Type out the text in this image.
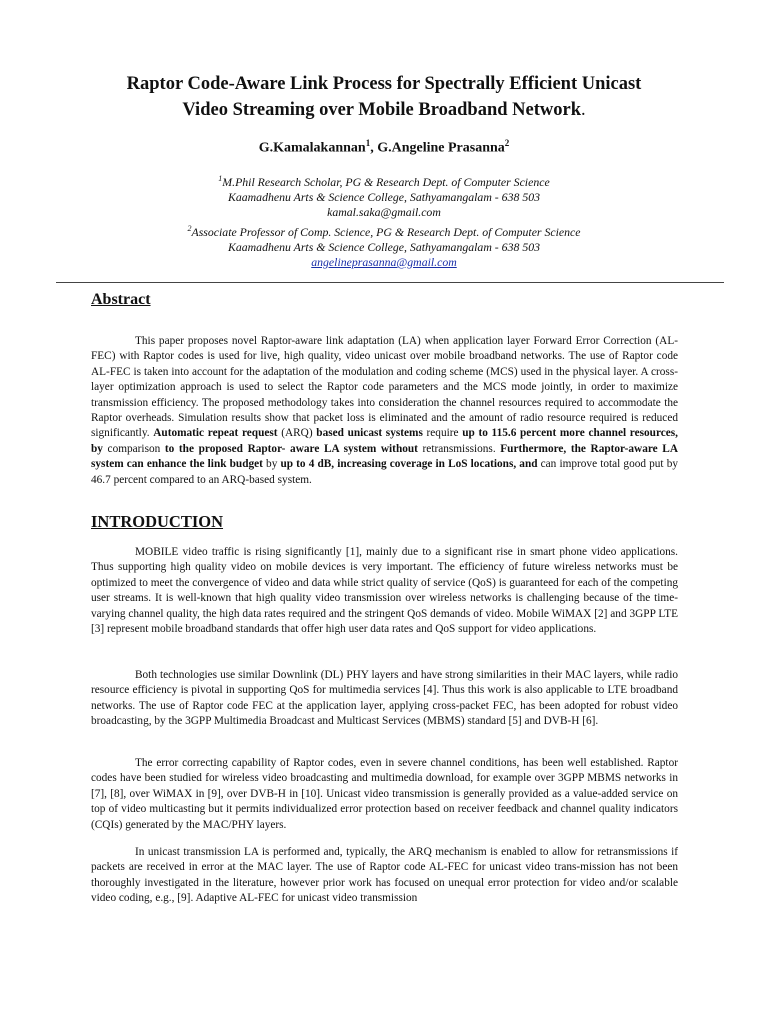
Raptor Code-Aware Link Process for Spectrally Efficient Unicast
Video Streaming over Mobile Broadband Network.
G.Kamalakannan$^1$, G.Angeline Prasanna$^2$
$^1$M.Phil Research Scholar, PG & Research Dept. of Computer Science
Kaamadhenu Arts & Science College, Sathyamangalam - 638 503
kamal.saka@gmail.com
$^2$Associate Professor of Comp. Science, PG & Research Dept. of Computer Science
Kaamadhenu Arts & Science College, Sathyamangalam - 638 503
angelineprasanna@gmail.com
Abstract

This paper proposes novel Raptor-aware link adaptation (LA) when application layer Forward Error Correction (AL-FEC) with Raptor codes is used for live, high quality, video unicast over mobile broadband networks. The use of Raptor code AL-FEC is taken into account for the adaptation of the modulation and coding scheme (MCS) used in the physical layer. A cross-layer optimization approach is used to select the Raptor code parameters and the MCS mode jointly, in order to maximize transmission efficiency. The proposed methodology takes into consideration the channel resources required to accommodate the Raptor overheads. Simulation results show that packet loss is eliminated and the amount of radio resource required is reduced significantly. Automatic repeat request (ARQ) based unicast systems require up to 115.6 percent more channel resources, by comparison to the proposed Raptor- aware LA system without retransmissions. Furthermore, the Raptor-aware LA system can enhance the link budget by up to 4 dB, increasing coverage in LoS locations, and can improve total good put by 46.7 percent compared to an ARQ-based system.

INTRODUCTION

MOBILE video traffic is rising significantly [1], mainly due to a significant rise in smart phone video applications. Thus supporting high quality video on mobile devices is very important. The efficiency of future wireless networks must be optimized to meet the convergence of video and data while strict quality of service (QoS) is guaranteed for each of the competing user streams. It is well-known that high quality video transmission over wireless networks is challenging because of the time-varying channel quality, the high data rates required and the stringent QoS demands of video. Mobile WiMAX [2] and 3GPP LTE [3] represent mobile broadband standards that offer high user data rates and QoS support for video applications.

Both technologies use similar Downlink (DL) PHY layers and have strong similarities in their MAC layers, while radio resource efficiency is pivotal in supporting QoS for multimedia services [4]. Thus this work is also applicable to LTE broadband networks. The use of Raptor code FEC at the application layer, applying cross-packet FEC, has been adopted for robust video broadcasting, by the 3GPP Multimedia Broadcast and Multicast Services (MBMS) standard [5] and DVB-H [6].

The error correcting capability of Raptor codes, even in severe channel conditions, has been well established. Raptor codes have been studied for wireless video broadcasting and multimedia download, for example over 3GPP MBMS networks in [7], [8], over WiMAX in [9], over DVB-H in [10]. Unicast video transmission is generally provided as a value-added service on top of video multicasting but it permits individualized error protection based on receiver feedback and channel quality indicators (CQIs) generated by the MAC/PHY layers.

In unicast transmission LA is performed and, typically, the ARQ mechanism is enabled to allow for retransmissions if packets are received in error at the MAC layer. The use of Raptor code AL-FEC for unicast video trans-mission has not been thoroughly investigated in the literature, however prior work has focused on unequal error protection for video and/or scalable video coding, e.g., [9]. Adaptive AL-FEC for unicast video transmission
